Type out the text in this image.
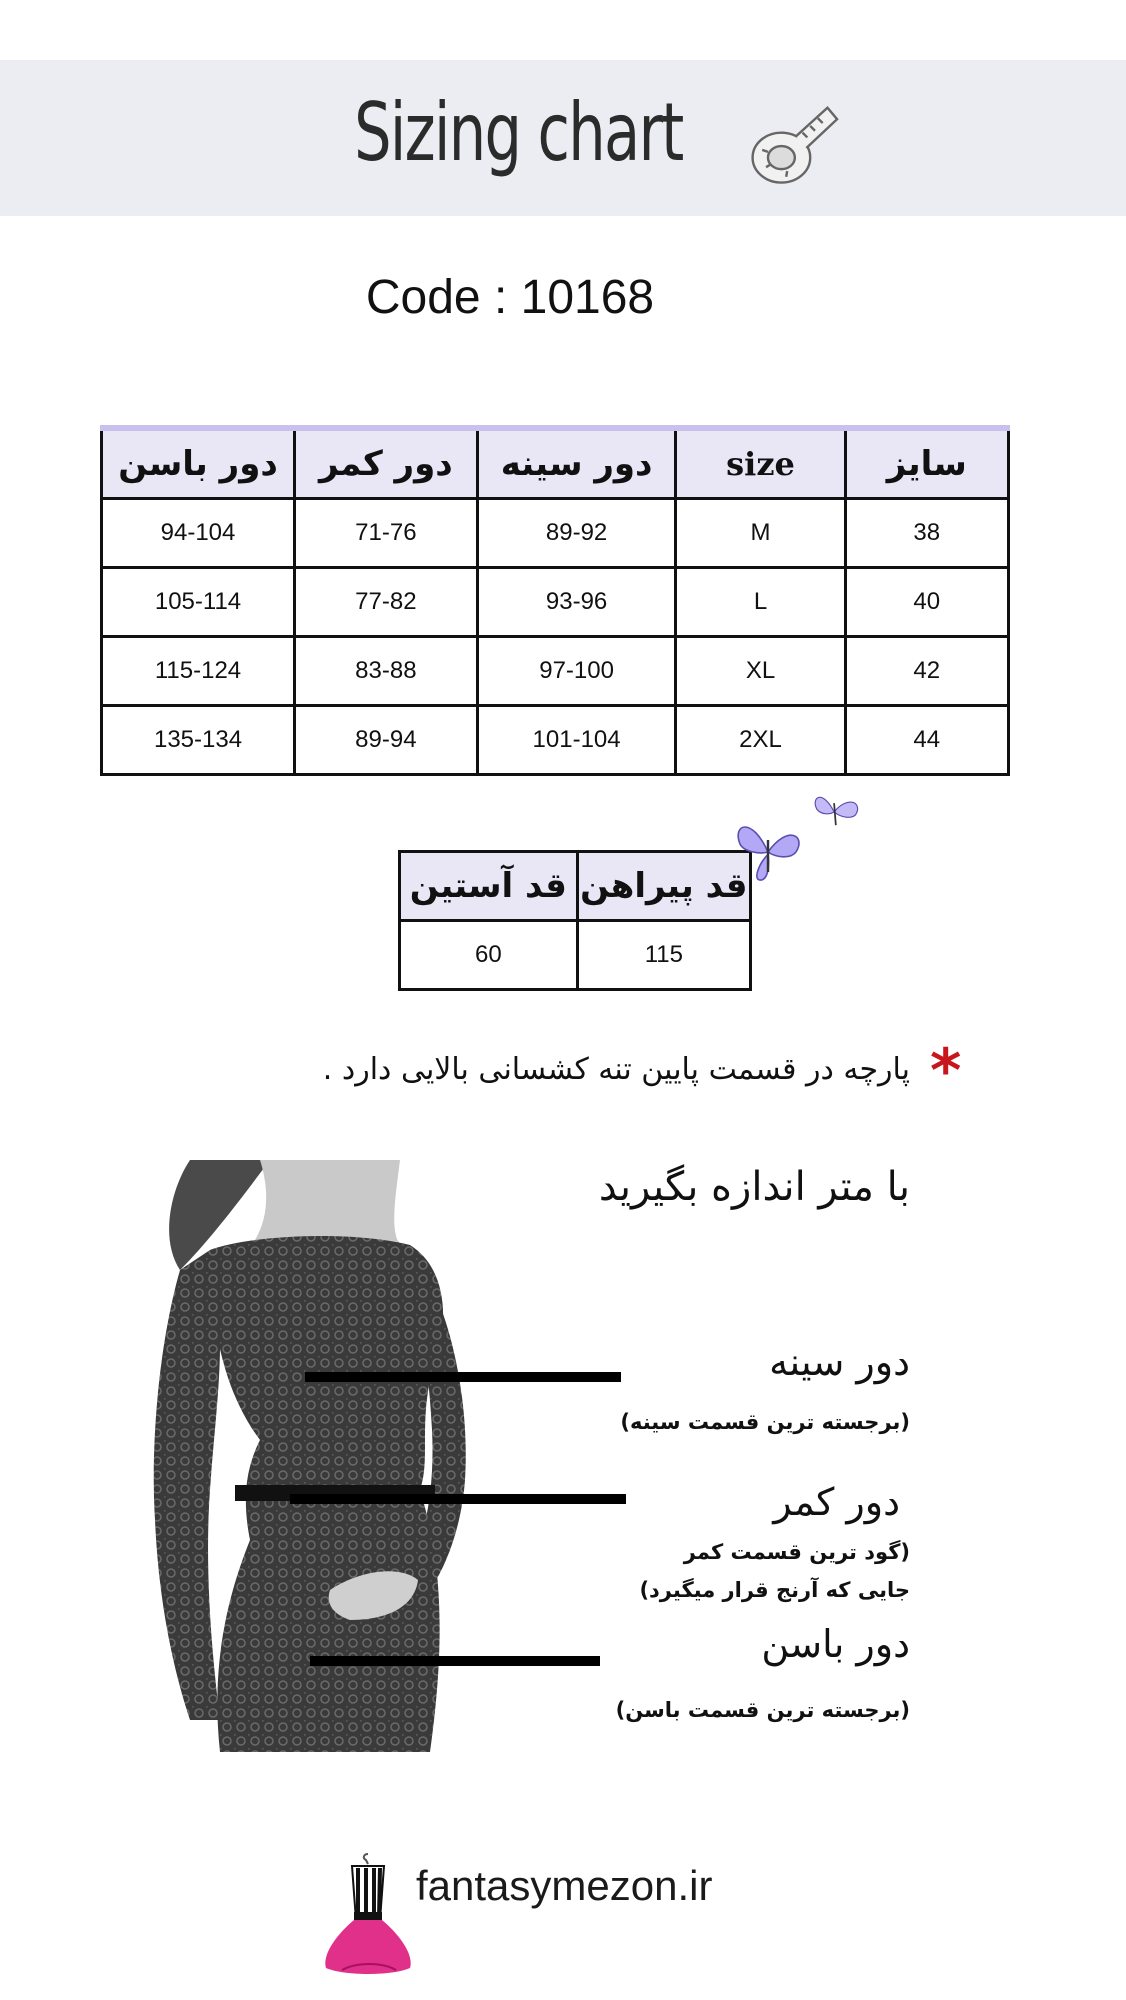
Sizing chart
Code : 10168
دور باسن	دور کمر	دور سینه	size	سایز
94-104	71-76	89-92	M	38
105-114	77-82	93-96	L	40
115-124	83-88	97-100	XL	42
135-134	89-94	101-104	2XL	44
قد آستین	قد پیراهن
60	115
*
پارچه در قسمت پایین تنه کشسانی بالایی دارد .
با متر اندازه بگیرید
دور سینه
(برجسته ترین قسمت سینه)
دور کمر
(گود ترین قسمت کمر
جایی که آرنج قرار میگیرد)
دور باسن
(برجسته ترین قسمت باسن)
fantasymezon.ir
